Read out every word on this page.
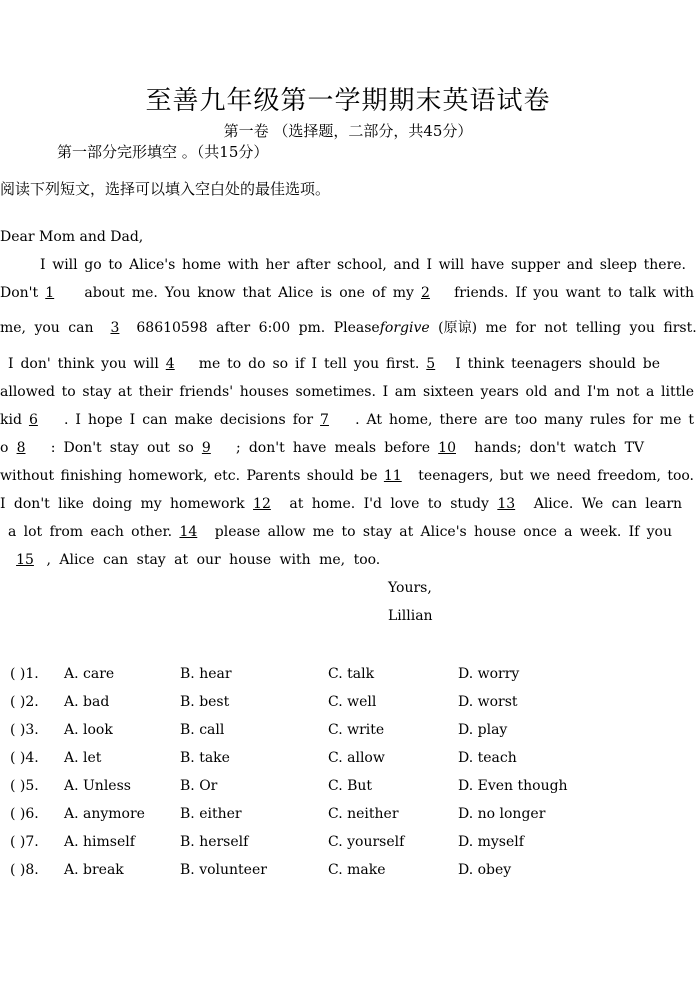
至善九年级第一学期期末英语试卷
第一卷 （选择题，二部分，共45分）
第一部分完形填空 。（共15分）
阅读下列短文，选择可以填入空白处的最佳选项。
Dear Mom and Dad,
I will go to Alice's home with her after school, and I will have supper and sleep there.
Don't 1 about me. You know that Alice is one of my 2 friends. If you want to talk with
me, you can 3 68610598 after 6:00 pm. Pleaseforgive (原谅) me for not telling you first.
I don' think you will 4 me to do so if I tell you first. 5 I think teenagers should be
allowed to stay at their friends' houses sometimes. I am sixteen years old and I'm not a little
kid 6 . I hope I can make decisions for 7 . At home, there are too many rules for me t
o 8 : Don't stay out so 9 ; don't have meals before 10 hands; don't watch TV
without finishing homework, etc. Parents should be 11 teenagers, but we need freedom, too.
I don't like doing my homework 12 at home. I'd love to study 13 Alice. We can learn
a lot from each other. 14 please allow me to stay at Alice's house once a week. If you
15 , Alice can stay at our house with me, too.
Yours,
Lillian
( )1. A. care	B. hear	C. talk	D. worry
( )2. A. bad	B. best	C. well	D. worst
( )3. A. look	B. call	C. write	D. play
( )4. A. let	B. take	C. allow	D. teach
( )5. A. Unless	B. Or	C. But	D. Even though
( )6. A. anymore	B. either	C. neither	D. no longer
( )7. A. himself	B. herself	C. yourself	D. myself
( )8. A. break	B. volunteer	C. make	D. obey
